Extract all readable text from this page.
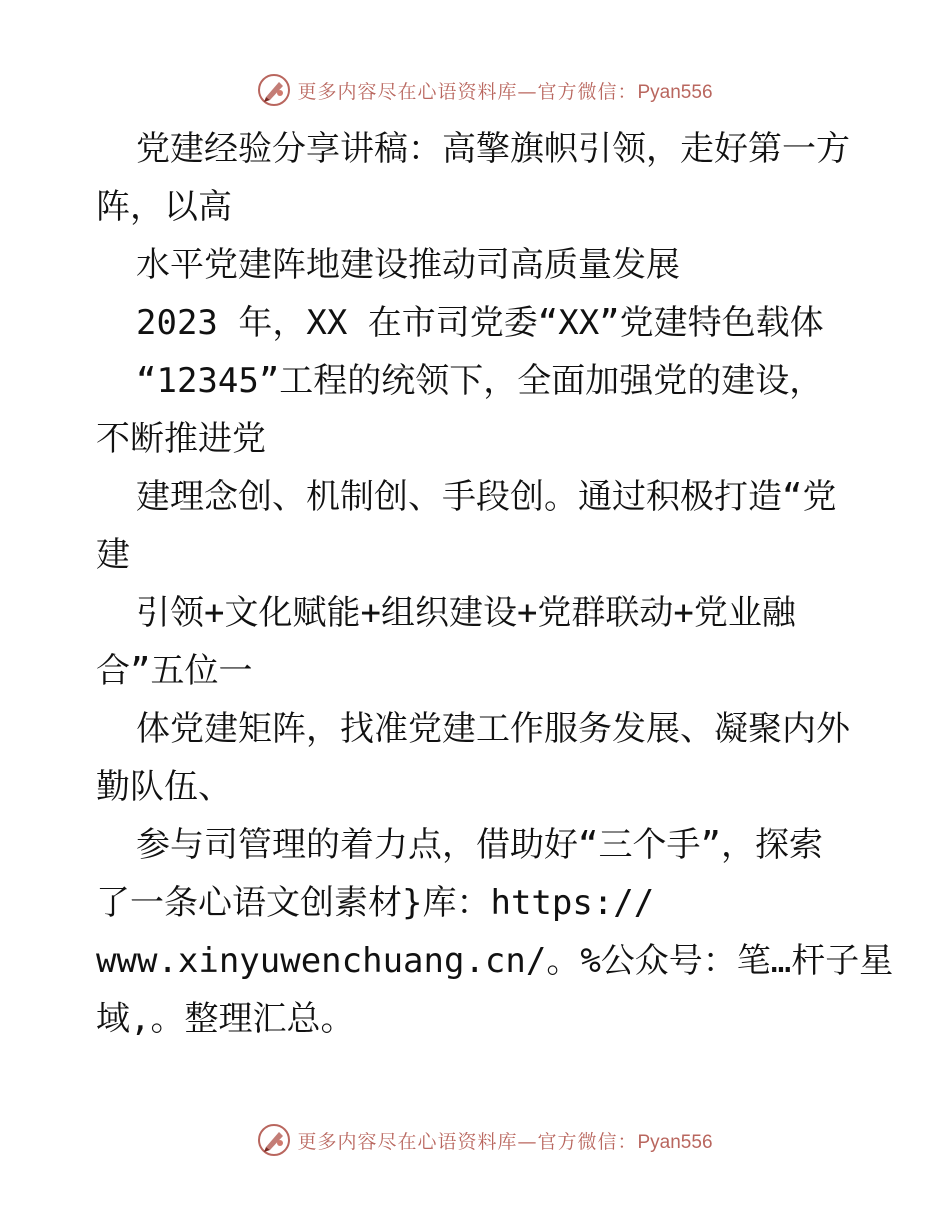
更多内容尽在心语资料库—官方微信：Pyan556
党建经验分享讲稿：高擎旗帜引领，走好第一方
阵，以高
水平党建阵地建设推动司高质量发展
2023 年，XX 在市司党委“XX”党建特色载体
“12345”工程的统领下，全面加强党的建设，
不断推进党
建理念创、机制创、手段创。通过积极打造“党
建
引领+文化赋能+组织建设+党群联动+党业融
合”五位一
体党建矩阵，找准党建工作服务发展、凝聚内外
勤队伍、
参与司管理的着力点，借助好“三个手”，探索
了一条心语文创素材}库：https://
www.xinyuwenchuang.cn/。%公众号：笔…杆子星
域,。整理汇总。
更多内容尽在心语资料库—官方微信：Pyan556
